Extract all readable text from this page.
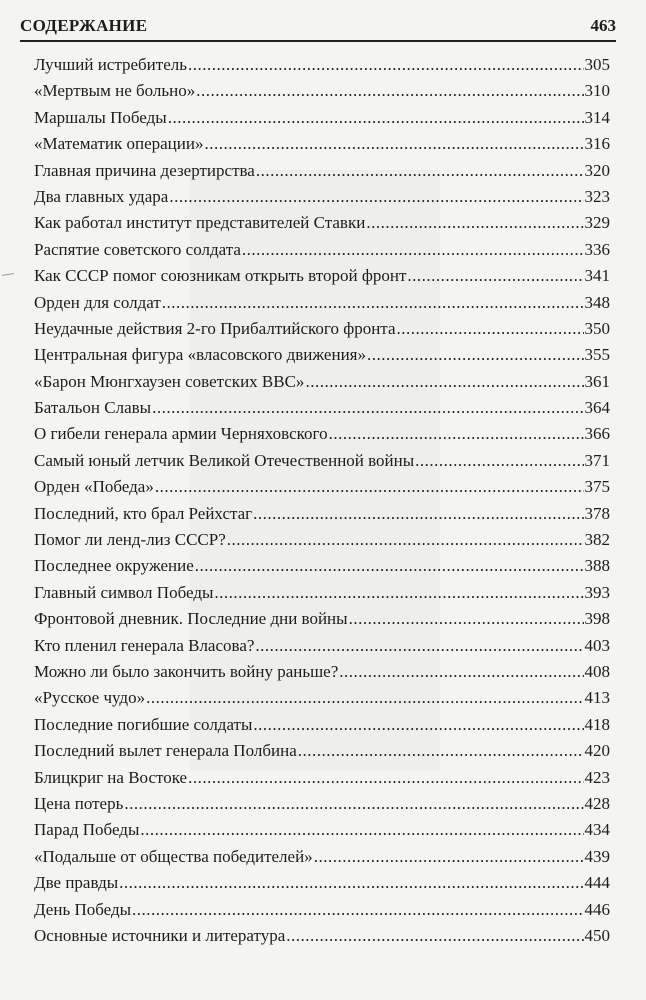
СОДЕРЖАНИЕ	463
Лучший истребитель .....	305
«Мертвым не больно» .....	310
Маршалы Победы .....	314
«Математик операции» .....	316
Главная причина дезертирства .....	320
Два главных удара .....	323
Как работал институт представителей Ставки .....	329
Распятие советского солдата .....	336
Как СССР помог союзникам открыть второй фронт .....	341
Орден для солдат .....	348
Неудачные действия 2-го Прибалтийского фронта .....	350
Центральная фигура «власовского движения» .....	355
«Барон Мюнгхаузен советских ВВС» .....	361
Батальон Славы .....	364
О гибели генерала армии Черняховского .....	366
Самый юный летчик Великой Отечественной войны .....	371
Орден «Победа» .....	375
Последний, кто брал Рейхстаг .....	378
Помог ли ленд-лиз СССР? .....	382
Последнее окружение .....	388
Главный символ Победы .....	393
Фронтовой дневник. Последние дни войны .....	398
Кто пленил генерала Власова? .....	403
Можно ли было закончить войну раньше? .....	408
«Русское чудо» .....	413
Последние погибшие солдаты .....	418
Последний вылет генерала Полбина .....	420
Блицкриг на Востоке .....	423
Цена потерь .....	428
Парад Победы .....	434
«Подальше от общества победителей» .....	439
Две правды .....	444
День Победы .....	446
Основные источники и литература .....	450
